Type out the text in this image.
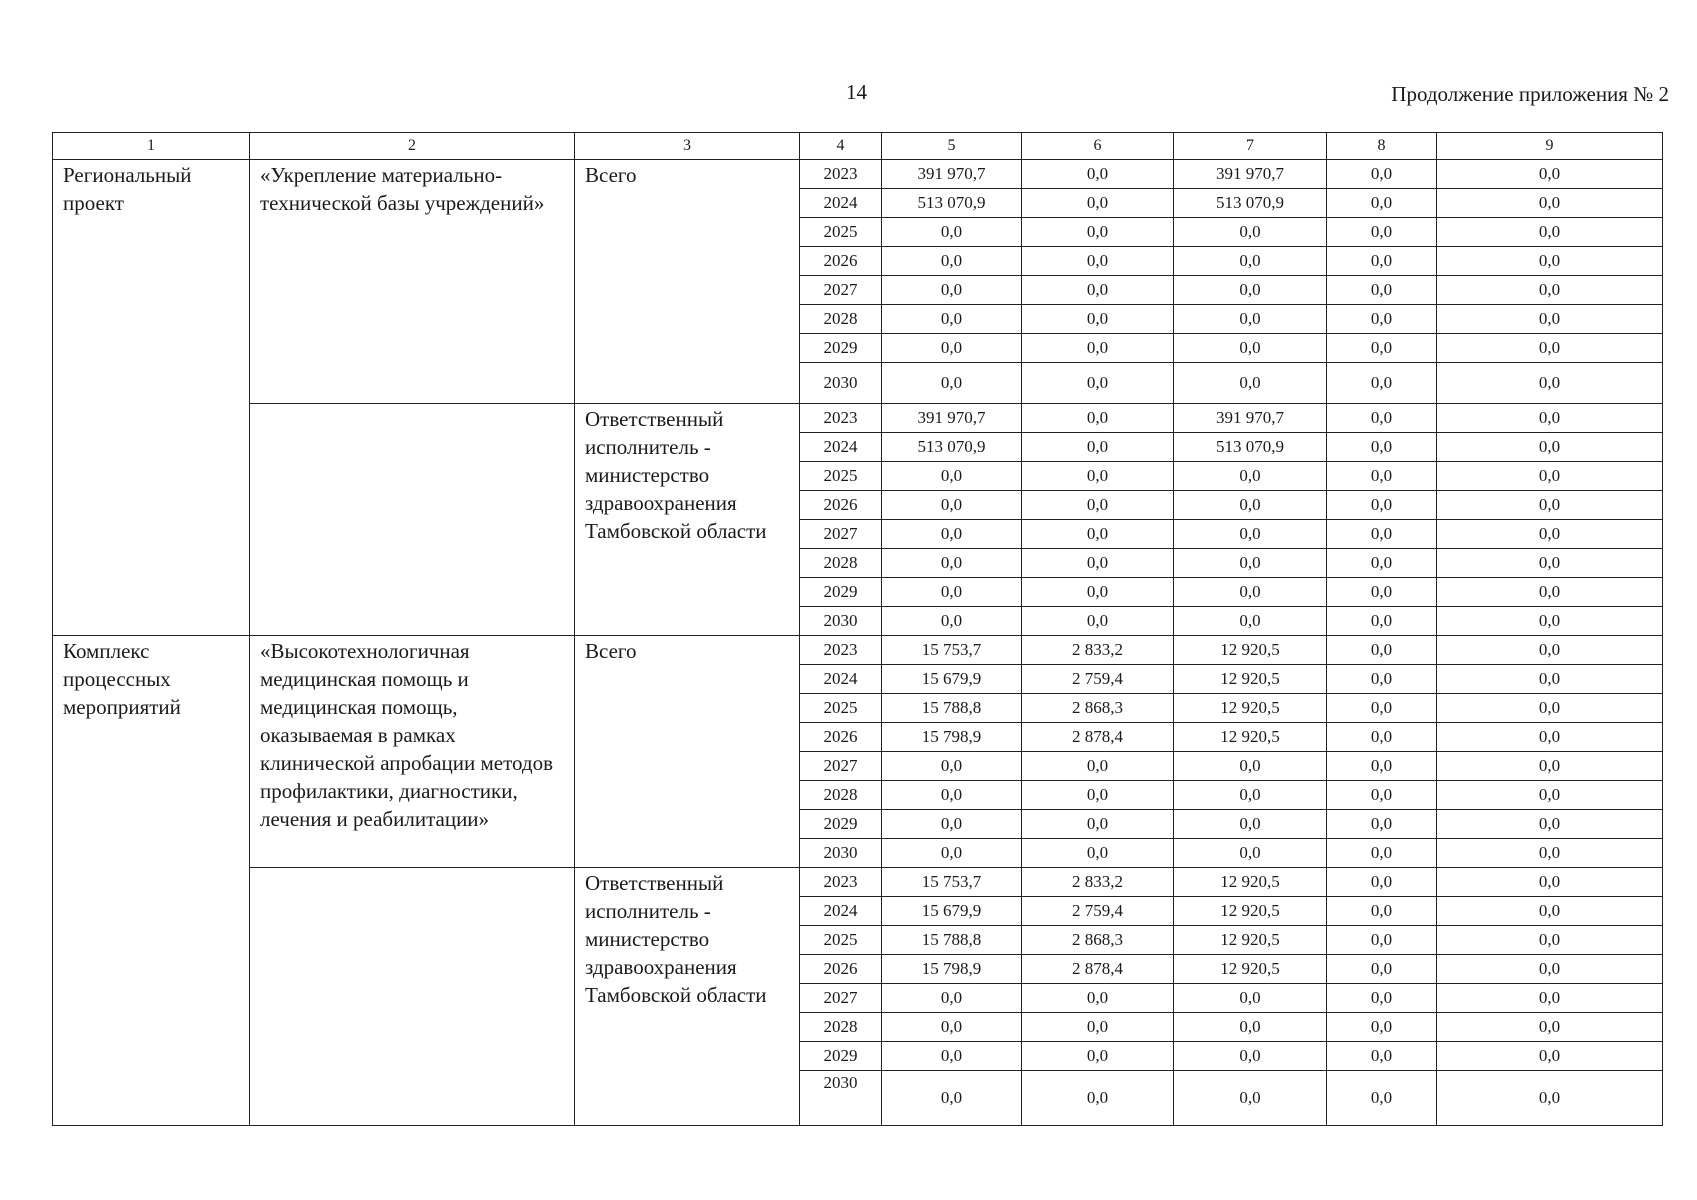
14	Продолжение приложения № 2
1	2	3	4	5	6	7	8	9
Региональный проект	«Укрепление материально-технической базы учреждений»	Всего	2023	391 970,7	0,0	391 970,7	0,0	0,0
			2024	513 070,9	0,0	513 070,9	0,0	0,0
			2025	0,0	0,0	0,0	0,0	0,0
			2026	0,0	0,0	0,0	0,0	0,0
			2027	0,0	0,0	0,0	0,0	0,0
			2028	0,0	0,0	0,0	0,0	0,0
			2029	0,0	0,0	0,0	0,0	0,0
			2030	0,0	0,0	0,0	0,0	0,0
		Ответственный исполнитель - министерство здравоохранения Тамбовской области	2023	391 970,7	0,0	391 970,7	0,0	0,0
			2024	513 070,9	0,0	513 070,9	0,0	0,0
			2025	0,0	0,0	0,0	0,0	0,0
			2026	0,0	0,0	0,0	0,0	0,0
			2027	0,0	0,0	0,0	0,0	0,0
			2028	0,0	0,0	0,0	0,0	0,0
			2029	0,0	0,0	0,0	0,0	0,0
			2030	0,0	0,0	0,0	0,0	0,0
Комплекс процессных мероприятий	«Высокотехнологичная медицинская помощь и медицинская помощь, оказываемая в рамках клинической апробации методов профилактики, диагностики, лечения и реабилитации»	Всего	2023	15 753,7	2 833,2	12 920,5	0,0	0,0
			2024	15 679,9	2 759,4	12 920,5	0,0	0,0
			2025	15 788,8	2 868,3	12 920,5	0,0	0,0
			2026	15 798,9	2 878,4	12 920,5	0,0	0,0
			2027	0,0	0,0	0,0	0,0	0,0
			2028	0,0	0,0	0,0	0,0	0,0
			2029	0,0	0,0	0,0	0,0	0,0
			2030	0,0	0,0	0,0	0,0	0,0
		Ответственный исполнитель - министерство здравоохранения Тамбовской области	2023	15 753,7	2 833,2	12 920,5	0,0	0,0
			2024	15 679,9	2 759,4	12 920,5	0,0	0,0
			2025	15 788,8	2 868,3	12 920,5	0,0	0,0
			2026	15 798,9	2 878,4	12 920,5	0,0	0,0
			2027	0,0	0,0	0,0	0,0	0,0
			2028	0,0	0,0	0,0	0,0	0,0
			2029	0,0	0,0	0,0	0,0	0,0
			2030	0,0	0,0	0,0	0,0	0,0
